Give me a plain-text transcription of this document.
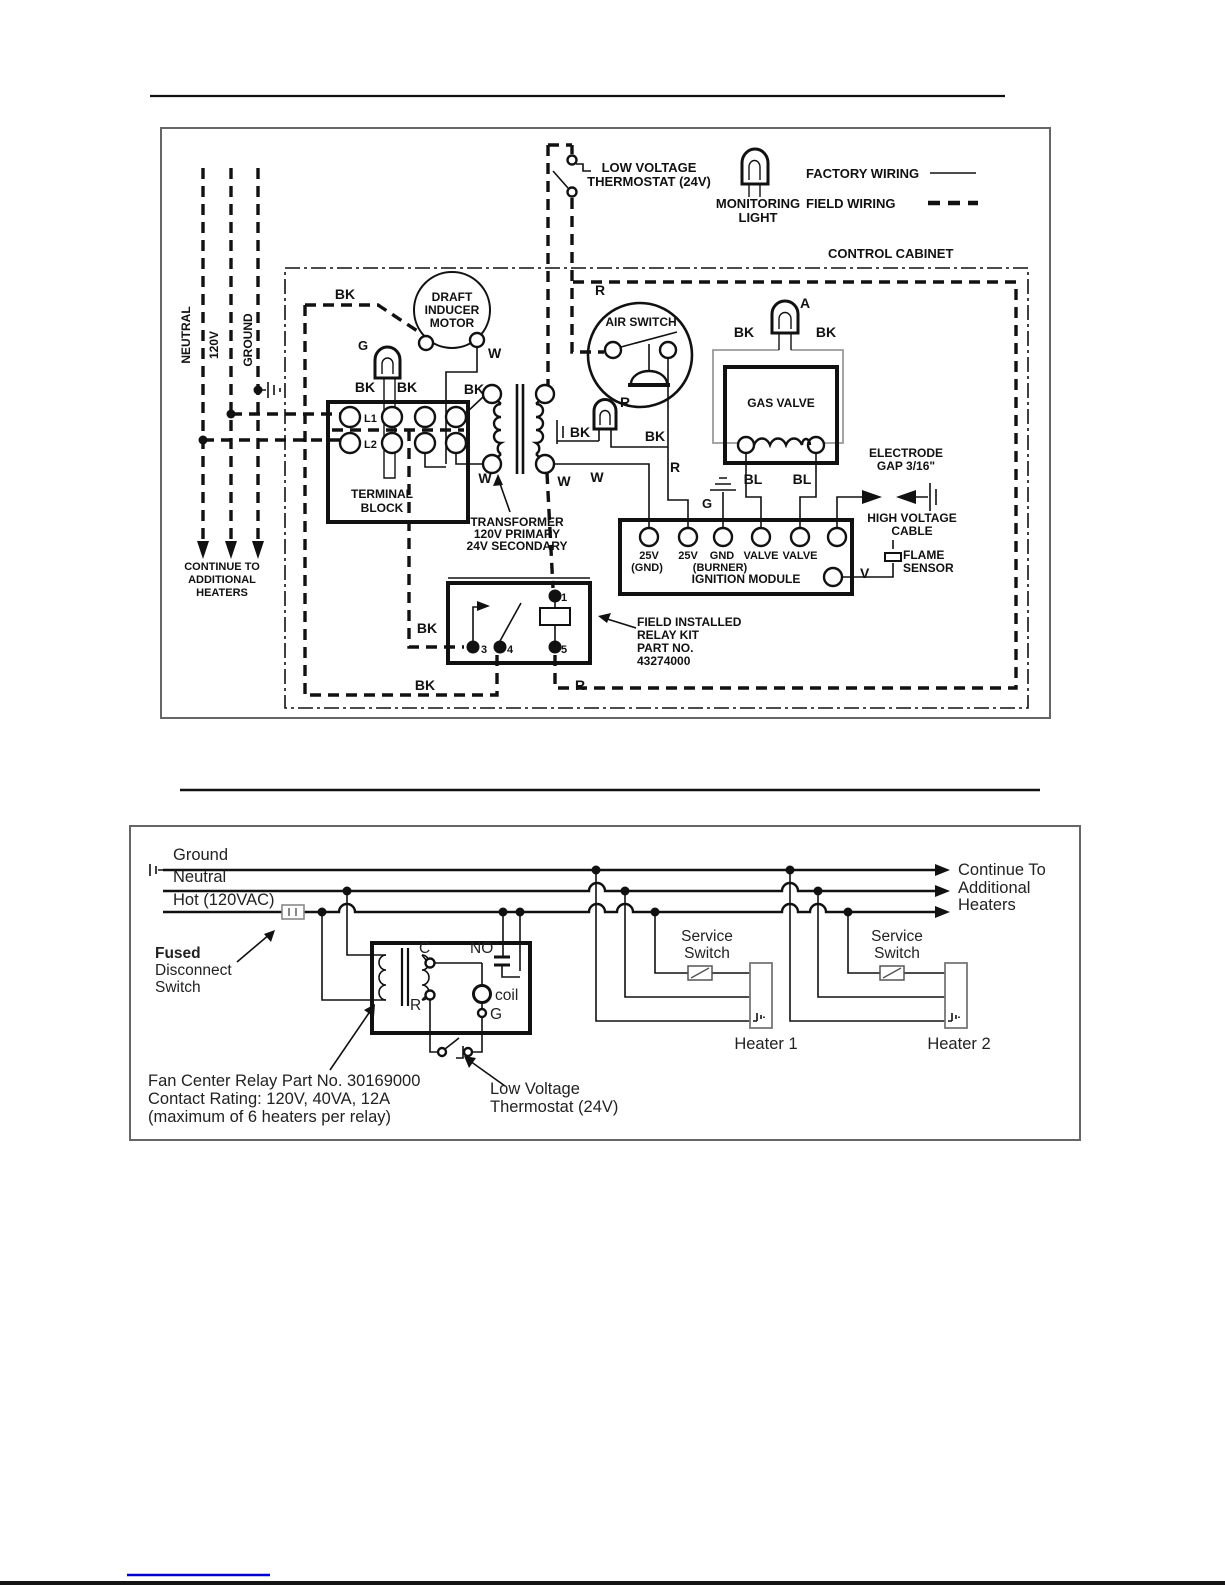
LOW VOLTAGE
THERMOSTAT (24V)
MONITORING
LIGHT
FACTORY WIRING
FIELD WIRING
CONTROL CABINET
NEUTRAL 120V GROUND
CONTINUE TO
ADDITIONAL
HEATERS
DRAFT
INDUCER
MOTOR
BK
W
G
BK BK
L1
L2
TERMINAL
BLOCK
BK
W	W W
TRANSFORMER
120V PRIMARY
24V SECONDARY
R
AIR SWITCH
R
R
BK	BK
A
BK	BK
GAS VALVE
BL BL
G
25V
(GND)
25V GND
(BURNER)
VALVE VALVE
IGNITION MODULE	V
ELECTRODE
GAP 3/16"
HIGH VOLTAGE
CABLE
FLAME
SENSOR
1
3 4	5
FIELD INSTALLED
RELAY KIT
PART NO.
43274000
BK
BK	R
Ground
Neutral
Hot (120VAC)
Continue To
Additional
Heaters
Fused
Disconnect
Switch
C	NO
R
coil
G
Service
Switch
Heater 1
Service
Switch
Heater 2
Fan Center Relay Part No. 30169000
Contact Rating: 120V, 40VA, 12A
(maximum of 6 heaters per relay)
Low Voltage
Thermostat (24V)
